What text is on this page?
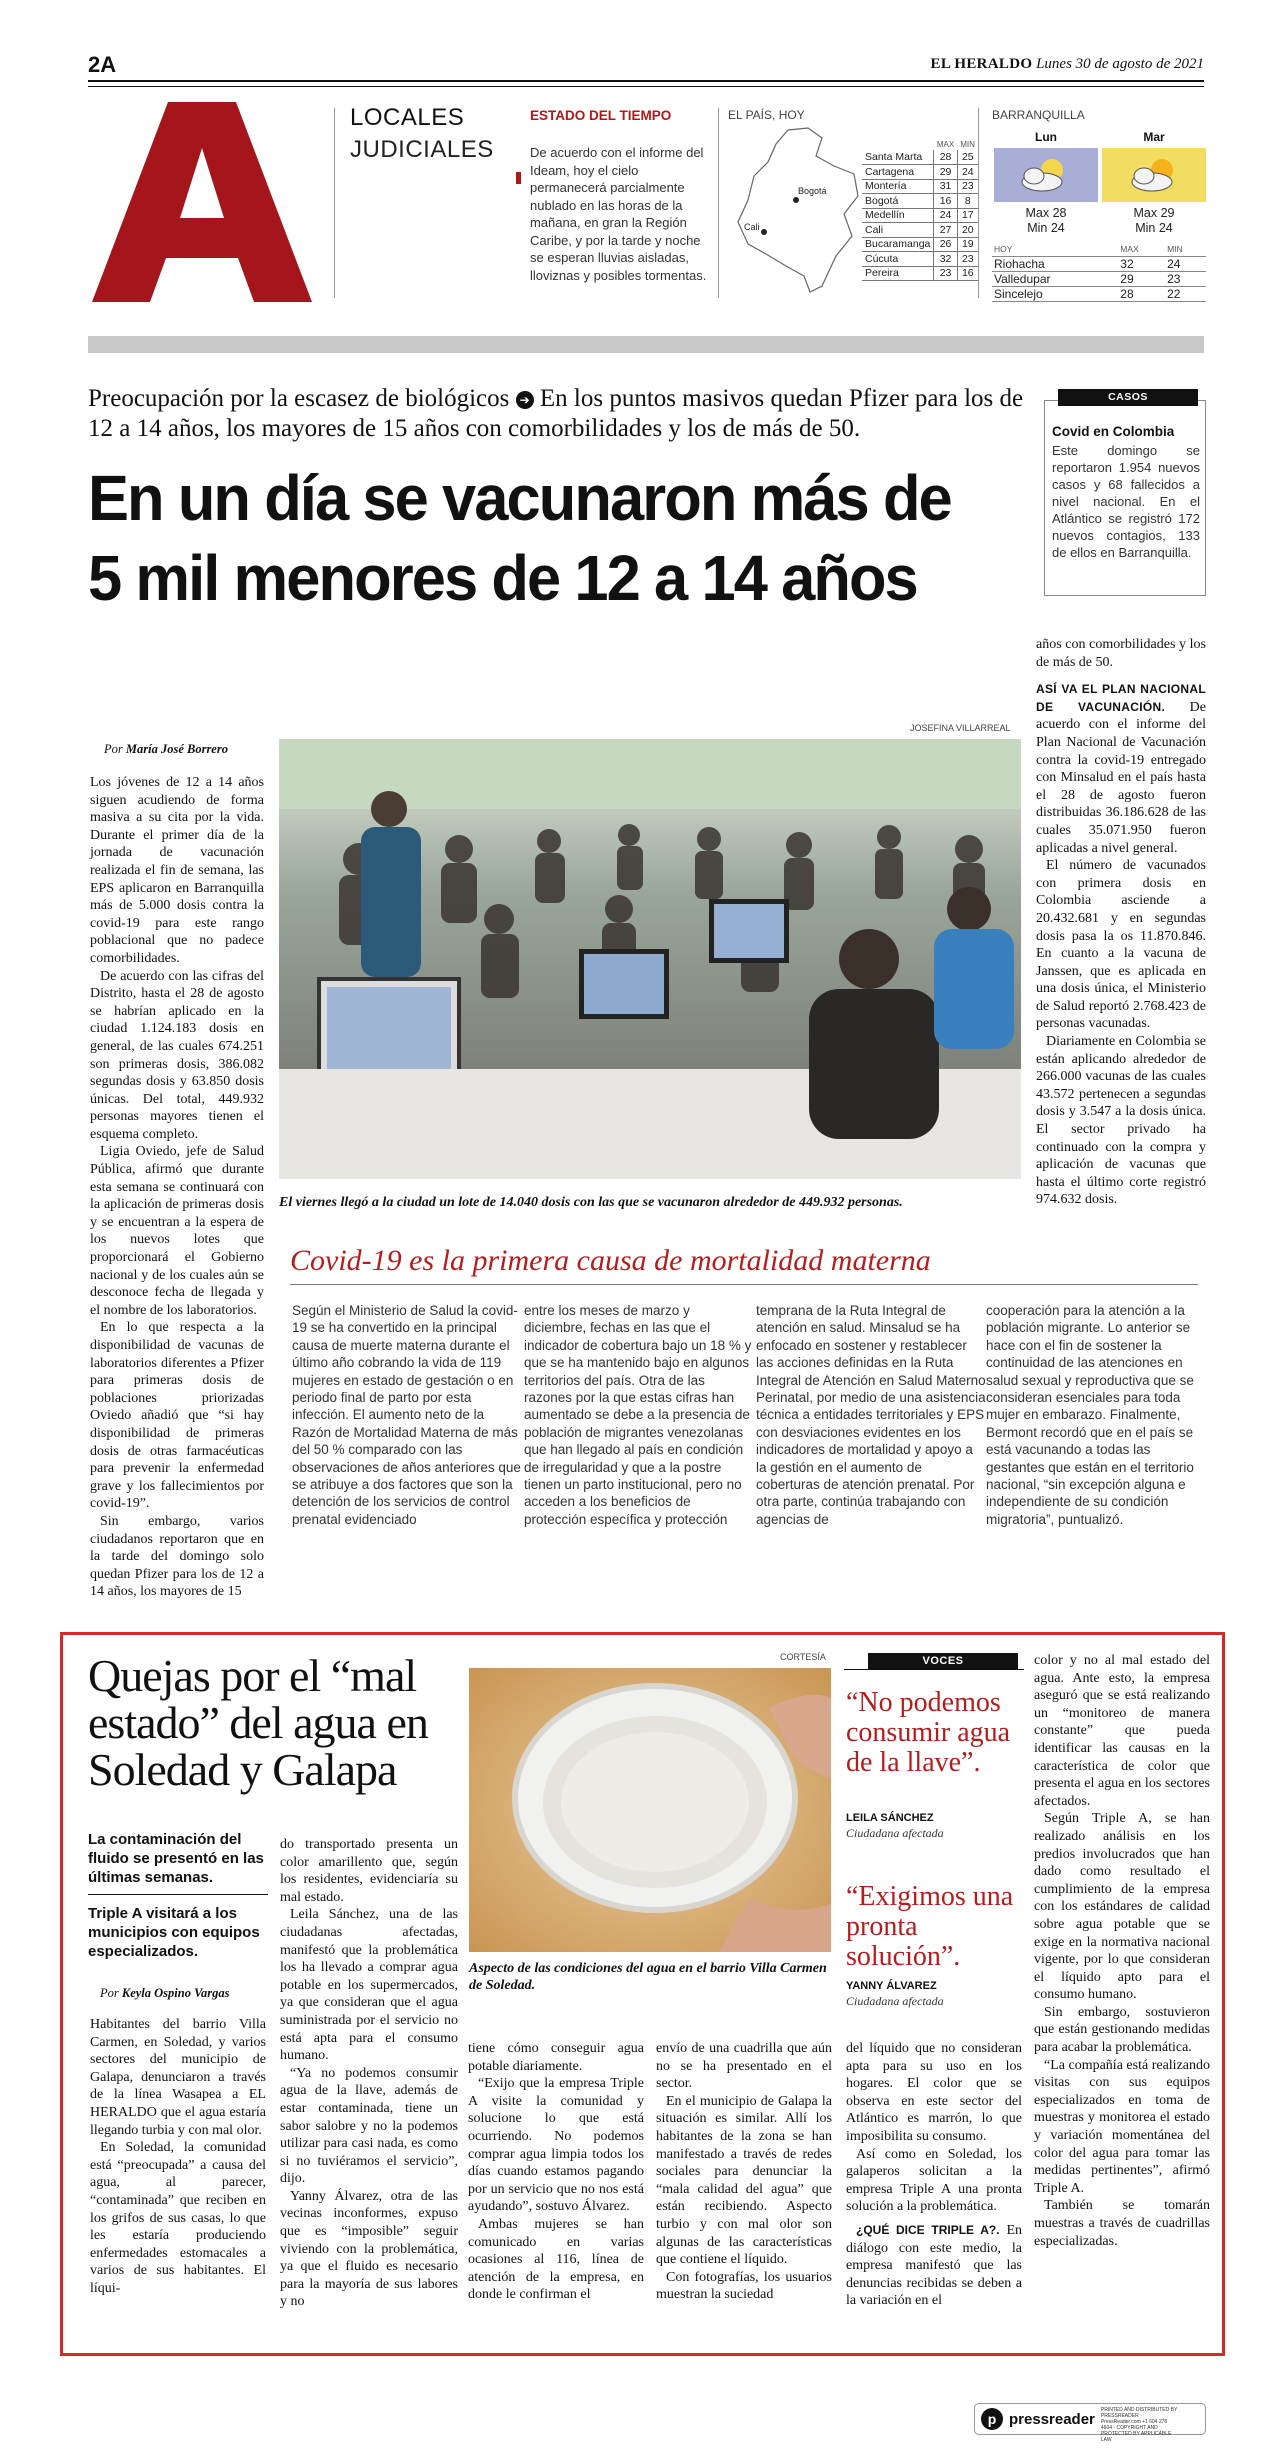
2A	EL HERALDO Lunes 30 de agosto de 2021
LOCALES
JUDICIALES
ESTADO DEL TIEMPO
De acuerdo con el informe del Ideam, hoy el cielo permanecerá parcialmente nublado en las horas de la mañana, en gran la Región Caribe, y por la tarde y noche se esperan lluvias aisladas, lloviznas y posibles tormentas.
EL PAÍS, HOY
Bogotá
Cali
	MAX	MIN
Santa Marta	28	25
Cartagena	29	24
Montería	31	23
Bogotá	16	8
Medellín	24	17
Cali	27	20
Bucaramanga	26	19
Cúcuta	32	23
Pereira	23	16
BARRANQUILLA
Lun	Mar
Max 28
Min 24
Max 29
Min 24
HOY	MAX	MIN
Riohacha	32	24
Valledupar	29	23
Sincelejo	28	22
Preocupación por la escasez de biológicos ➔ En los puntos masivos quedan Pfizer para los de 12 a 14 años, los mayores de 15 años con comorbilidades y los de más de 50.
En un día se vacunaron más de
5 mil menores de 12 a 14 años
CASOS
Covid en Colombia
Este domingo se reportaron 1.954 nuevos casos y 68 fallecidos a nivel nacional. En el Atlántico se registró 172 nuevos contagios, 133 de ellos en Barranquilla.
Por María José Borrero

Los jóvenes de 12 a 14 años siguen acudiendo de forma masiva a su cita por la vida. Durante el primer día de la jornada de vacunación realizada el fin de semana, las EPS aplicaron en Barranquilla más de 5.000 dosis contra la covid-19 para este rango poblacional que no padece comorbilidades.

De acuerdo con las cifras del Distrito, hasta el 28 de agosto se habrían aplicado en la ciudad 1.124.183 dosis en general, de las cuales 674.251 son primeras dosis, 386.082 segundas dosis y 63.850 dosis únicas. Del total, 449.932 personas mayores tienen el esquema completo.

Ligia Oviedo, jefe de Salud Pública, afirmó que durante esta semana se continuará con la aplicación de primeras dosis y se encuentran a la espera de los nuevos lotes que proporcionará el Gobierno nacional y de los cuales aún se desconoce fecha de llegada y el nombre de los laboratorios.

En lo que respecta a la disponibilidad de vacunas de laboratorios diferentes a Pfizer para primeras dosis de poblaciones priorizadas Oviedo añadió que “si hay disponibilidad de primeras dosis de otras farmacéuticas para prevenir la enfermedad grave y los fallecimientos por covid-19”.

Sin embargo, varios ciudadanos reportaron que en la tarde del domingo solo quedan Pfizer para los de 12 a 14 años, los mayores de 15

JOSEFINA VILLARREAL
El viernes llegó a la ciudad un lote de 14.040 dosis con las que se vacunaron alrededor de 449.932 personas.

años con comorbilidades y los de más de 50.

ASÍ VA EL PLAN NACIONAL DE VACUNACIÓN. De acuerdo con el informe del Plan Nacional de Vacunación contra la covid-19 entregado con Minsalud en el país hasta el 28 de agosto fueron distribuidas 36.186.628 de las cuales 35.071.950 fueron aplicadas a nivel general.

El número de vacunados con primera dosis en Colombia asciende a 20.432.681 y en segundas dosis pasa la os 11.870.846. En cuanto a la vacuna de Janssen, que es aplicada en una dosis única, el Ministerio de Salud reportó 2.768.423 de personas vacunadas.

Diariamente en Colombia se están aplicando alrededor de 266.000 vacunas de las cuales 43.572 pertenecen a segundas dosis y 3.547 a la dosis única. El sector privado ha continuado con la compra y aplicación de vacunas que hasta el último corte registró 974.632 dosis.

Covid-19 es la primera causa de mortalidad materna
Según el Ministerio de Salud la covid-19 se ha convertido en la principal causa de muerte materna durante el último año cobrando la vida de 119 mujeres en estado de gestación o en periodo final de parto por esta infección. El aumento neto de la Razón de Mortalidad Materna de más del 50 % comparado con las observaciones de años anteriores que se atribuye a dos factores que son la detención de los servicios de control prenatal evidenciado
entre los meses de marzo y diciembre, fechas en las que el indicador de cobertura bajo un 18 % y que se ha mantenido bajo en algunos territorios del país. Otra de las razones por la que estas cifras han aumentado se debe a la presencia de población de migrantes venezolanas que han llegado al país en condición de irregularidad y que a la postre tienen un parto institucional, pero no acceden a los beneficios de protección específica y protección
temprana de la Ruta Integral de atención en salud. Minsalud se ha enfocado en sostener y restablecer las acciones definidas en la Ruta Integral de Atención en Salud Materno Perinatal, por medio de una asistencia técnica a entidades territoriales y EPS con desviaciones evidentes en los indicadores de mortalidad y apoyo a la gestión en el aumento de coberturas de atención prenatal. Por otra parte, continúa trabajando con agencias de
cooperación para la atención a la población migrante. Lo anterior se hace con el fin de sostener la continuidad de las atenciones en salud sexual y reproductiva que se consideran esenciales para toda mujer en embarazo. Finalmente, Bermont recordó que en el país se está vacunando a todas las gestantes que están en el territorio nacional, “sin excepción alguna e independiente de su condición migratoria”, puntualizó.
Quejas por el “mal estado” del agua en Soledad y Galapa
La contaminación del fluido se presentó en las últimas semanas.
Triple A visitará a los municipios con equipos especializados.
Por Keyla Ospino Vargas

Habitantes del barrio Villa Carmen, en Soledad, y varios sectores del municipio de Galapa, denunciaron a través de la línea Wasapea a EL HERALDO que el agua estaría llegando turbia y con mal olor.

En Soledad, la comunidad está “preocupada” a causa del agua, al parecer, “contaminada” que reciben en los grifos de sus casas, lo que les estaría produciendo enfermedades estomacales a varios de sus habitantes. El líqui-

do transportado presenta un color amarillento que, según los residentes, evidenciaría su mal estado.

Leila Sánchez, una de las ciudadanas afectadas, manifestó que la problemática los ha llevado a comprar agua potable en los supermercados, ya que consideran que el agua suministrada por el servicio no está apta para el consumo humano.

“Ya no podemos consumir agua de la llave, además de estar contaminada, tiene un sabor salobre y no la podemos utilizar para casi nada, es como si no tuviéramos el servicio”, dijo.

Yanny Álvarez, otra de las vecinas inconformes, expuso que es “imposible” seguir viviendo con la problemática, ya que el fluido es necesario para la mayoría de sus labores y no

CORTESÍA
Aspecto de las condiciones del agua en el barrio Villa Carmen de Soledad.

tiene cómo conseguir agua potable diariamente.

“Exijo que la empresa Triple A visite la comunidad y solucione lo que está ocurriendo. No podemos comprar agua limpia todos los días cuando estamos pagando por un servicio que no nos está ayudando”, sostuvo Álvarez.

Ambas mujeres se han comunicado en varias ocasiones al 116, línea de atención de la empresa, en donde le confirman el

envío de una cuadrilla que aún no se ha presentado en el sector.

En el municipio de Galapa la situación es similar. Allí los habitantes de la zona se han manifestado a través de redes sociales para denunciar la “mala calidad del agua” que están recibiendo. Aspecto turbio y con mal olor son algunas de las características que contiene el líquido.

Con fotografías, los usuarios muestran la suciedad

del líquido que no consideran apta para su uso en los hogares. El color que se observa en este sector del Atlántico es marrón, lo que imposibilita su consumo.

Así como en Soledad, los galaperos solicitan a la empresa Triple A una pronta solución a la problemática.

¿QUÉ DICE TRIPLE A?. En diálogo con este medio, la empresa manifestó que las denuncias recibidas se deben a la variación en el

color y no al mal estado del agua. Ante esto, la empresa aseguró que se está realizando un “monitoreo de manera constante” que pueda identificar las causas en la característica de color que presenta el agua en los sectores afectados.

Según Triple A, se han realizado análisis en los predios involucrados que han dado como resultado el cumplimiento de la empresa con los estándares de calidad sobre agua potable que se exige en la normativa nacional vigente, por lo que consideran el líquido apto para el consumo humano.

Sin embargo, sostuvieron que están gestionando medidas para acabar la problemática.

“La compañía está realizando visitas con sus equipos especializados en toma de muestras y monitorea el estado y variación momentánea del color del agua para tomar las medidas pertinentes”, afirmó Triple A.

También se tomarán muestras a través de cuadrillas especializadas.

VOCES
“No podemos consumir agua de la llave”.
LEILA SÁNCHEZ
Ciudadana afectada
“Exigimos una pronta solución”.
YANNY ÁLVAREZ
Ciudadana afectada
p pressreader
PRINTED AND DISTRIBUTED BY PRESSREADER · PressReader.com +1 604 278 4604 · COPYRIGHT AND PROTECTED BY APPLICABLE LAW
